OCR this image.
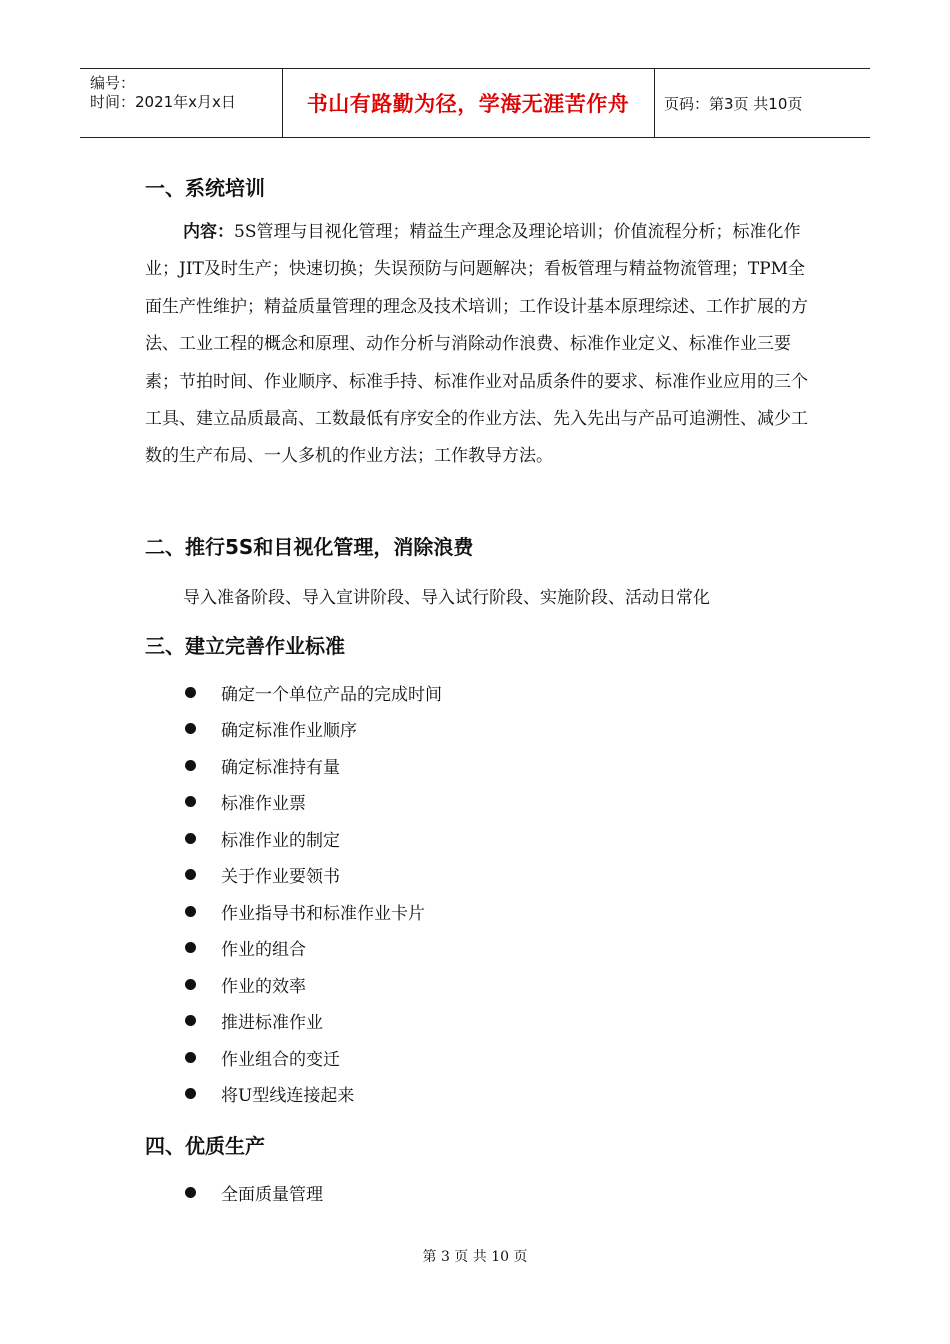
编号：
时间：2021年x月x日	书山有路勤为径，学海无涯苦作舟 页码：第3页 共10页
一、系统培训

内容：5S管理与目视化管理；精益生产理念及理论培训；价值流程分析；标准化作业；JIT及时生产；快速切换；失误预防与问题解决；看板管理与精益物流管理；TPM全面生产性维护；精益质量管理的理念及技术培训；工作设计基本原理综述、工作扩展的方法、工业工程的概念和原理、动作分析与消除动作浪费、标准作业定义、标准作业三要素；节拍时间、作业顺序、标准手持、标准作业对品质条件的要求、标准作业应用的三个工具、建立品质最高、工数最低有序安全的作业方法、先入先出与产品可追溯性、减少工数的生产布局、一人多机的作业方法；工作教导方法。

二、推行5S和目视化管理，消除浪费

导入准备阶段、导入宣讲阶段、导入试行阶段、实施阶段、活动日常化

三、建立完善作业标准
确定一个单位产品的完成时间
确定标准作业顺序
确定标准持有量
标准作业票
标准作业的制定
关于作业要领书
作业指导书和标准作业卡片
作业的组合
作业的效率
推进标准作业
作业组合的变迁
将U型线连接起来
四、优质生产
全面质量管理
第 3 页 共 10 页
